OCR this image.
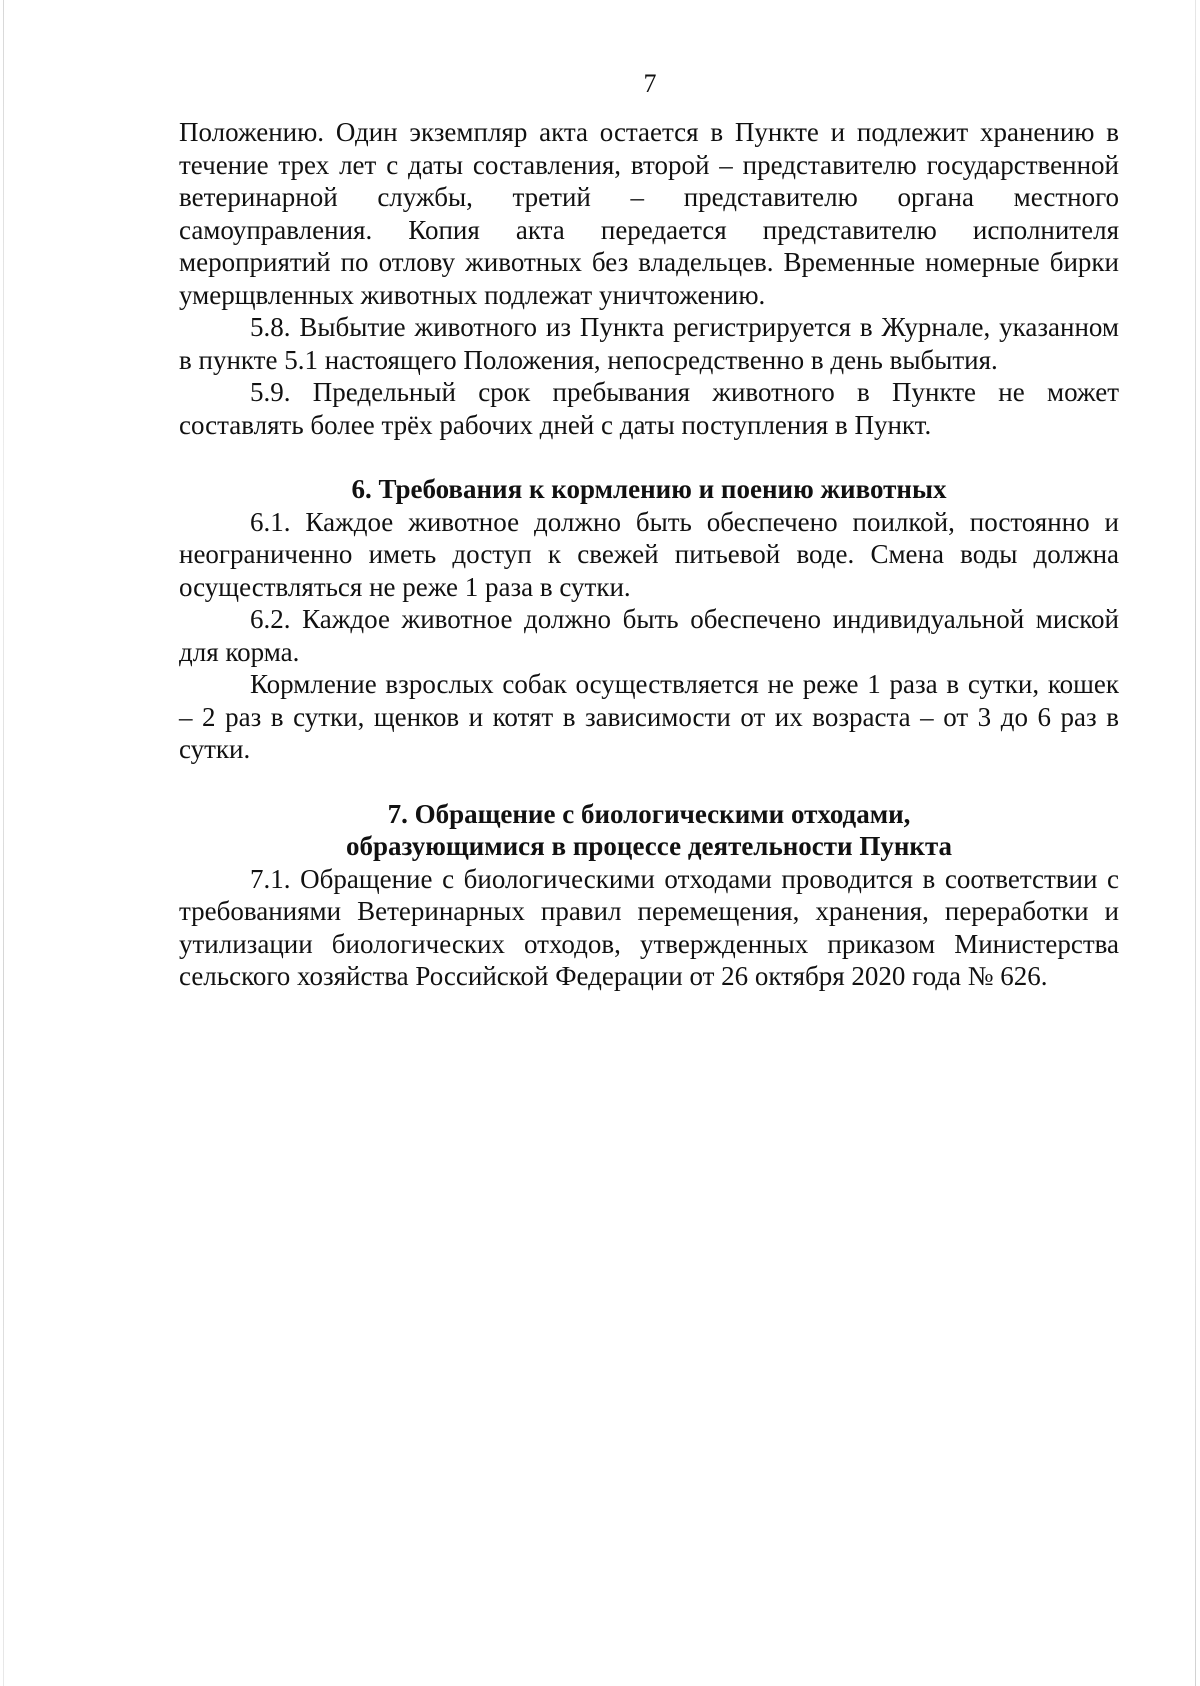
7

Положению. Один экземпляр акта остается в Пункте и подлежит хранению в течение трех лет с даты составления, второй – представителю государственной ветеринарной службы, третий – представителю органа местного самоуправления. Копия акта передается представителю исполнителя мероприятий по отлову животных без владельцев. Временные номерные бирки умерщвленных животных подлежат уничтожению.

5.8. Выбытие животного из Пункта регистрируется в Журнале, указанном в пункте 5.1 настоящего Положения, непосредственно в день выбытия.

5.9. Предельный срок пребывания животного в Пункте не может составлять более трёх рабочих дней с даты поступления в Пункт.

6. Требования к кормлению и поению животных

6.1. Каждое животное должно быть обеспечено поилкой, постоянно и неограниченно иметь доступ к свежей питьевой воде. Смена воды должна осуществляться не реже 1 раза в сутки.

6.2. Каждое животное должно быть обеспечено индивидуальной миской для корма.

Кормление взрослых собак осуществляется не реже 1 раза в сутки, кошек – 2 раз в сутки, щенков и котят в зависимости от их возраста – от 3 до 6 раз в сутки.

7. Обращение с биологическими отходами,

образующимися в процессе деятельности Пункта

7.1. Обращение с биологическими отходами проводится в соответствии с требованиями Ветеринарных правил перемещения, хранения, переработки и утилизации биологических отходов, утвержденных приказом Министерства сельского хозяйства Российской Федерации от 26 октября 2020 года № 626.
